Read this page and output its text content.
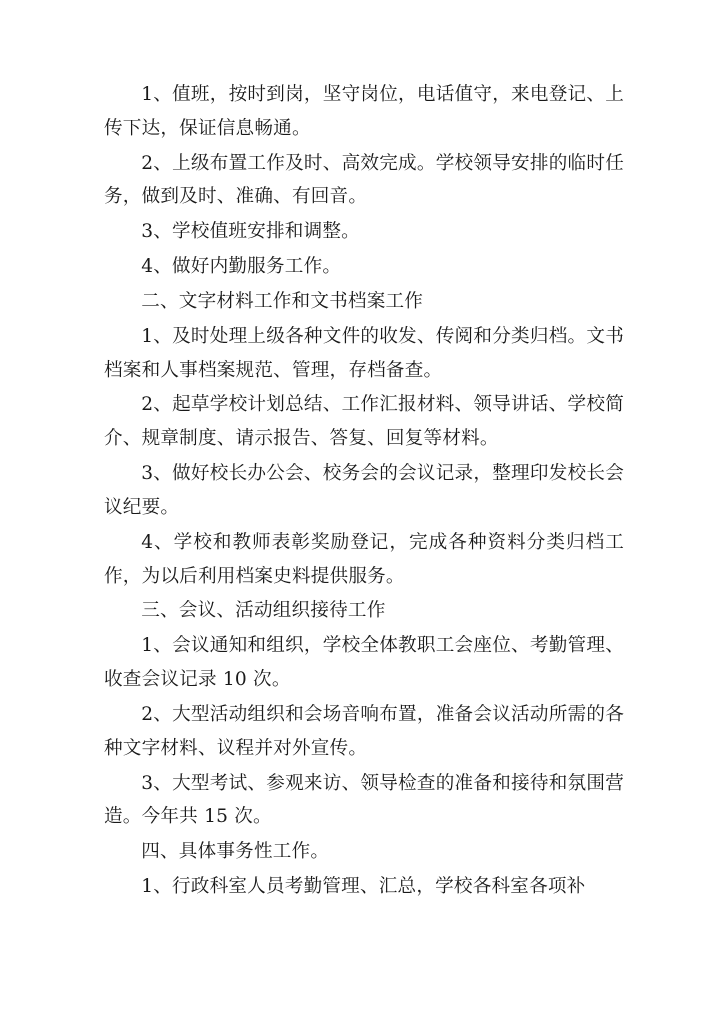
1、值班，按时到岗，坚守岗位，电话值守，来电登记、上传下达，保证信息畅通。

2、上级布置工作及时、高效完成。学校领导安排的临时任务，做到及时、准确、有回音。

3、学校值班安排和调整。

4、做好内勤服务工作。

二、文字材料工作和文书档案工作

1、及时处理上级各种文件的收发、传阅和分类归档。文书档案和人事档案规范、管理，存档备查。

2、起草学校计划总结、工作汇报材料、领导讲话、学校简介、规章制度、请示报告、答复、回复等材料。

3、做好校长办公会、校务会的会议记录，整理印发校长会议纪要。

4、学校和教师表彰奖励登记，完成各种资料分类归档工作，为以后利用档案史料提供服务。

三、会议、活动组织接待工作

1、会议通知和组织，学校全体教职工会座位、考勤管理、收查会议记录 10 次。

2、大型活动组织和会场音响布置，准备会议活动所需的各种文字材料、议程并对外宣传。

3、大型考试、参观来访、领导检查的准备和接待和氛围营造。今年共 15 次。

四、具体事务性工作。

1、行政科室人员考勤管理、汇总，学校各科室各项补
